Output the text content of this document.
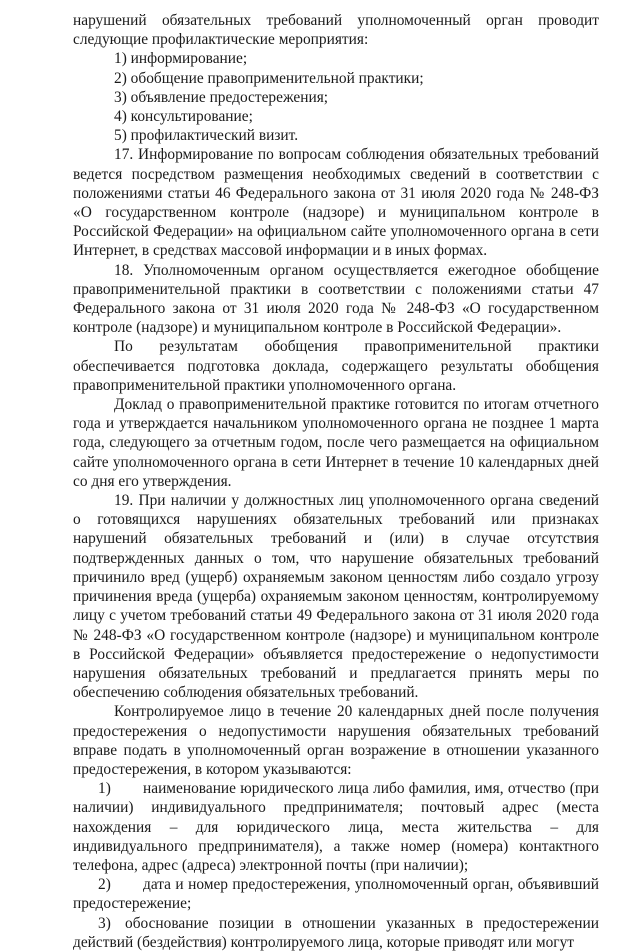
нарушений обязательных требований уполномоченный орган проводит следующие профилактические мероприятия:

1) информирование;

2) обобщение правоприменительной практики;

3) объявление предостережения;

4) консультирование;

5) профилактический визит.

17. Информирование по вопросам соблюдения обязательных требований ведется посредством размещения необходимых сведений в соответствии с положениями статьи 46 Федерального закона от 31 июля 2020 года № 248-ФЗ «О государственном контроле (надзоре) и муниципальном контроле в Российской Федерации» на официальном сайте уполномоченного органа в сети Интернет, в средствах массовой информации и в иных формах.

18. Уполномоченным органом осуществляется ежегодное обобщение правоприменительной практики в соответствии с положениями статьи 47 Федерального закона от 31 июля 2020 года № 248-ФЗ «О государственном контроле (надзоре) и муниципальном контроле в Российской Федерации».

По результатам обобщения правоприменительной практики обеспечивается подготовка доклада, содержащего результаты обобщения правоприменительной практики уполномоченного органа.

Доклад о правоприменительной практике готовится по итогам отчетного года и утверждается начальником уполномоченного органа не позднее 1 марта года, следующего за отчетным годом, после чего размещается на официальном сайте уполномоченного органа в сети Интернет в течение 10 календарных дней со дня его утверждения.

19. При наличии у должностных лиц уполномоченного органа сведений о готовящихся нарушениях обязательных требований или признаках нарушений обязательных требований и (или) в случае отсутствия подтвержденных данных о том, что нарушение обязательных требований причинило вред (ущерб) охраняемым законом ценностям либо создало угрозу причинения вреда (ущерба) охраняемым законом ценностям, контролируемому лицу с учетом требований статьи 49 Федерального закона от 31 июля 2020 года № 248-ФЗ «О государственном контроле (надзоре) и муниципальном контроле в Российской Федерации» объявляется предостережение о недопустимости нарушения обязательных требований и предлагается принять меры по обеспечению соблюдения обязательных требований.

Контролируемое лицо в течение 20 календарных дней после получения предостережения о недопустимости нарушения обязательных требований вправе подать в уполномоченный орган возражение в отношении указанного предостережения, в котором указываются:

1) наименование юридического лица либо фамилия, имя, отчество (при наличии) индивидуального предпринимателя; почтовый адрес (места нахождения – для юридического лица, места жительства – для индивидуального предпринимателя), а также номер (номера) контактного телефона, адрес (адреса) электронной почты (при наличии);

2) дата и номер предостережения, уполномоченный орган, объявивший предостережение;

3) обоснование позиции в отношении указанных в предостережении действий (бездействия) контролируемого лица, которые приводят или могут
